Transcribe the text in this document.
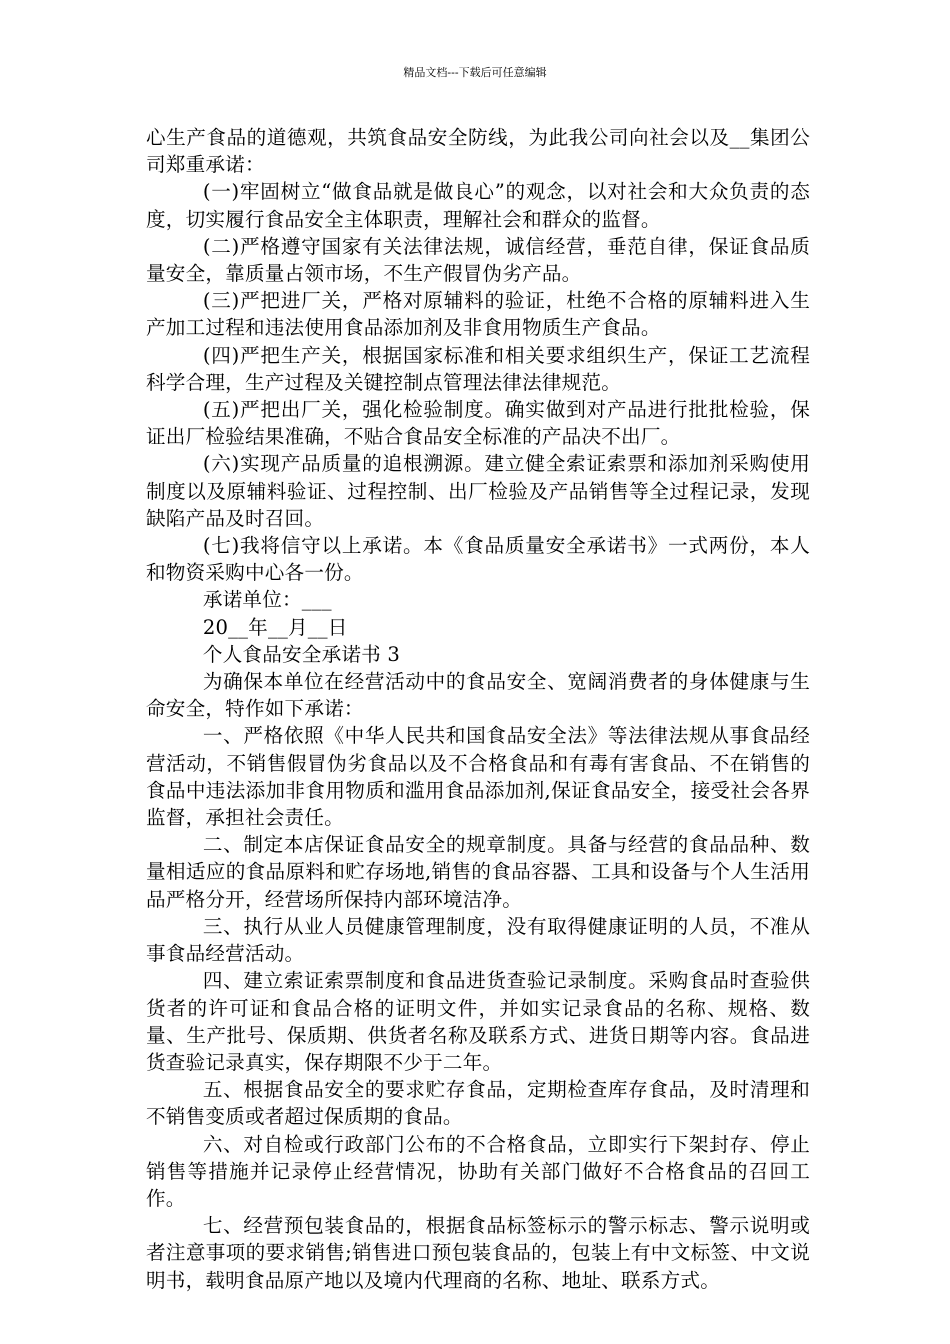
精品文档---下载后可任意编辑

心生产食品的道德观，共筑食品安全防线，为此我公司向社会以及__集团公司郑重承诺：

(一)牢固树立“做食品就是做良心”的观念，以对社会和大众负责的态度，切实履行食品安全主体职责，理解社会和群众的监督。

(二)严格遵守国家有关法律法规，诚信经营，垂范自律，保证食品质量安全，靠质量占领市场，不生产假冒伪劣产品。

(三)严把进厂关，严格对原辅料的验证，杜绝不合格的原辅料进入生产加工过程和违法使用食品添加剂及非食用物质生产食品。

(四)严把生产关，根据国家标准和相关要求组织生产，保证工艺流程科学合理，生产过程及关键控制点管理法律法律规范。

(五)严把出厂关，强化检验制度。确实做到对产品进行批批检验，保证出厂检验结果准确，不贴合食品安全标准的产品决不出厂。

(六)实现产品质量的追根溯源。建立健全索证索票和添加剂采购使用制度以及原辅料验证、过程控制、出厂检验及产品销售等全过程记录，发现缺陷产品及时召回。

(七)我将信守以上承诺。本《食品质量安全承诺书》一式两份，本人和物资采购中心各一份。

承诺单位：___

20__年__月__日

个人食品安全承诺书 3

为确保本单位在经营活动中的食品安全、宽阔消费者的身体健康与生命安全，特作如下承诺：

一、严格依照《中华人民共和国食品安全法》等法律法规从事食品经营活动，不销售假冒伪劣食品以及不合格食品和有毒有害食品、不在销售的食品中违法添加非食用物质和滥用食品添加剂,保证食品安全，接受社会各界监督，承担社会责任。

二、制定本店保证食品安全的规章制度。具备与经营的食品品种、数量相适应的食品原料和贮存场地,销售的食品容器、工具和设备与个人生活用品严格分开，经营场所保持内部环境洁净。

三、执行从业人员健康管理制度，没有取得健康证明的人员，不准从事食品经营活动。

四、建立索证索票制度和食品进货查验记录制度。采购食品时查验供货者的许可证和食品合格的证明文件，并如实记录食品的名称、规格、数量、生产批号、保质期、供货者名称及联系方式、进货日期等内容。食品进货查验记录真实，保存期限不少于二年。

五、根据食品安全的要求贮存食品，定期检查库存食品，及时清理和不销售变质或者超过保质期的食品。

六、对自检或行政部门公布的不合格食品，立即实行下架封存、停止销售等措施并记录停止经营情况，协助有关部门做好不合格食品的召回工作。

七、经营预包装食品的，根据食品标签标示的警示标志、警示说明或者注意事项的要求销售;销售进口预包装食品的，包装上有中文标签、中文说明书，载明食品原产地以及境内代理商的名称、地址、联系方式。
